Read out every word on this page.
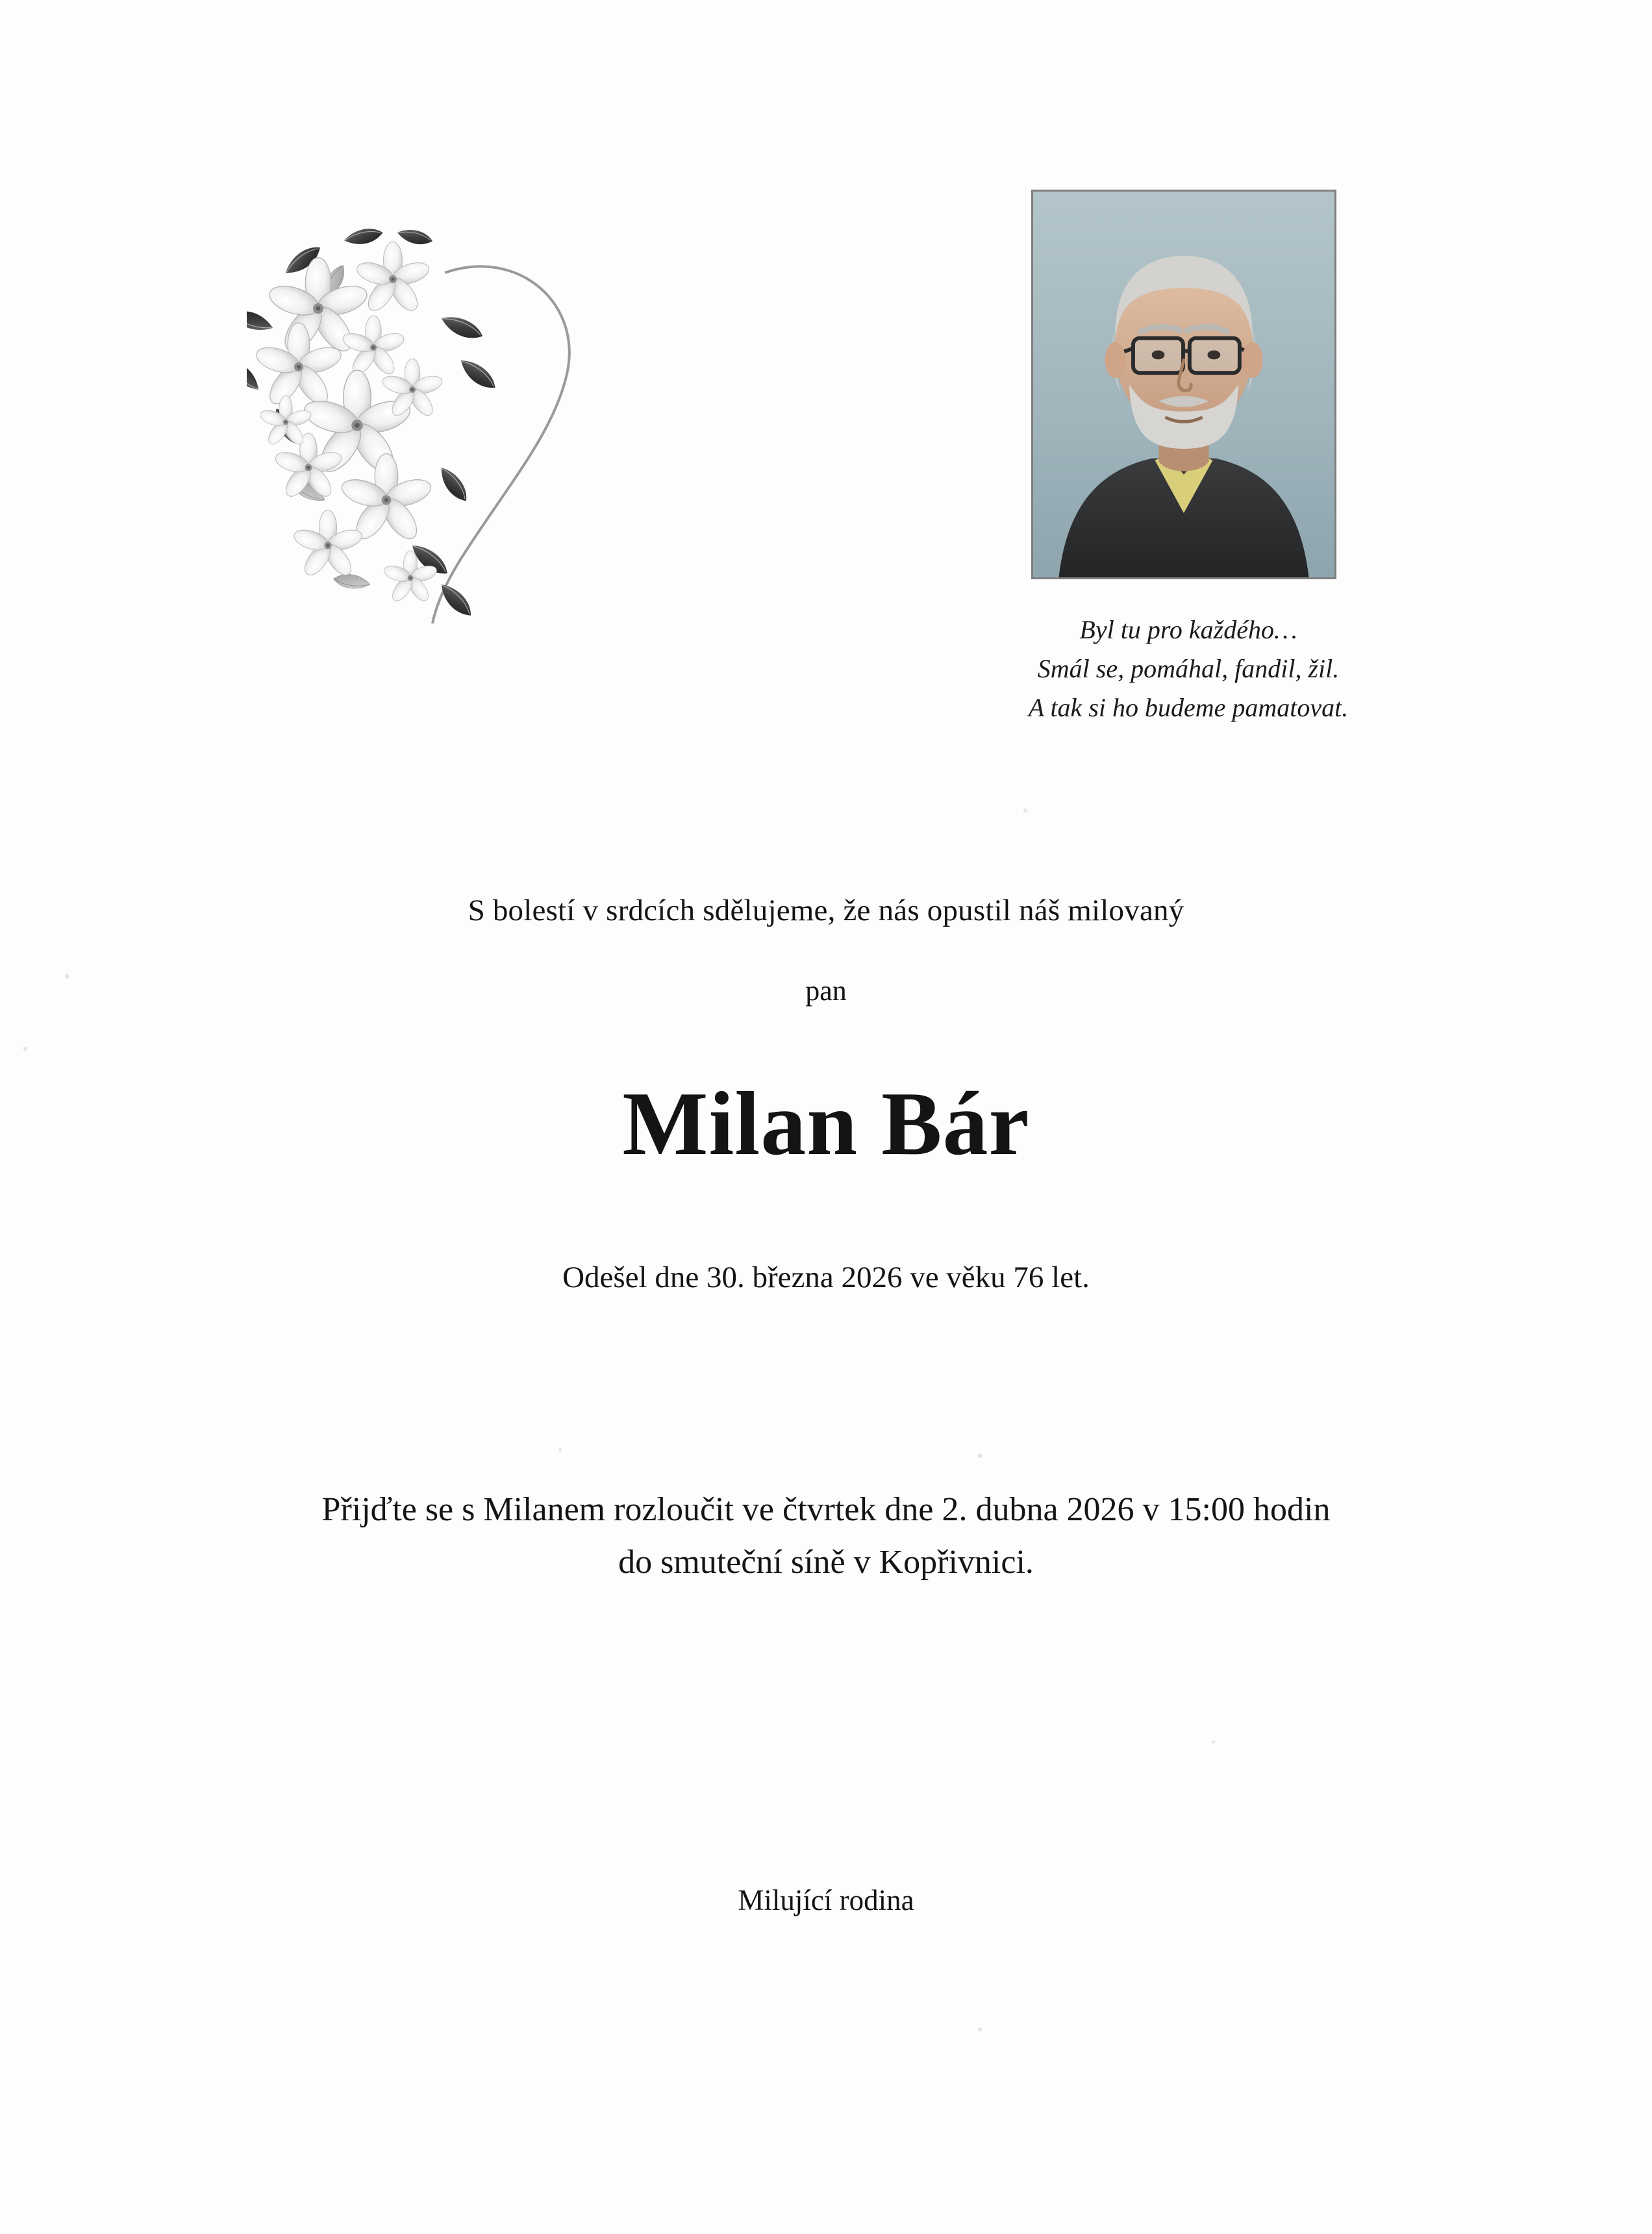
Byl tu pro každého…
Smál se, pomáhal, fandil, žil.
A tak si ho budeme pamatovat.
S bolestí v srdcích sdělujeme, že nás opustil náš milovaný
pan
Milan Bár
Odešel dne 30. března 2026 ve věku 76 let.
Přijďte se s Milanem rozloučit ve čtvrtek dne 2. dubna 2026 v 15:00 hodin
do smuteční síně v Kopřivnici.
Milující rodina
